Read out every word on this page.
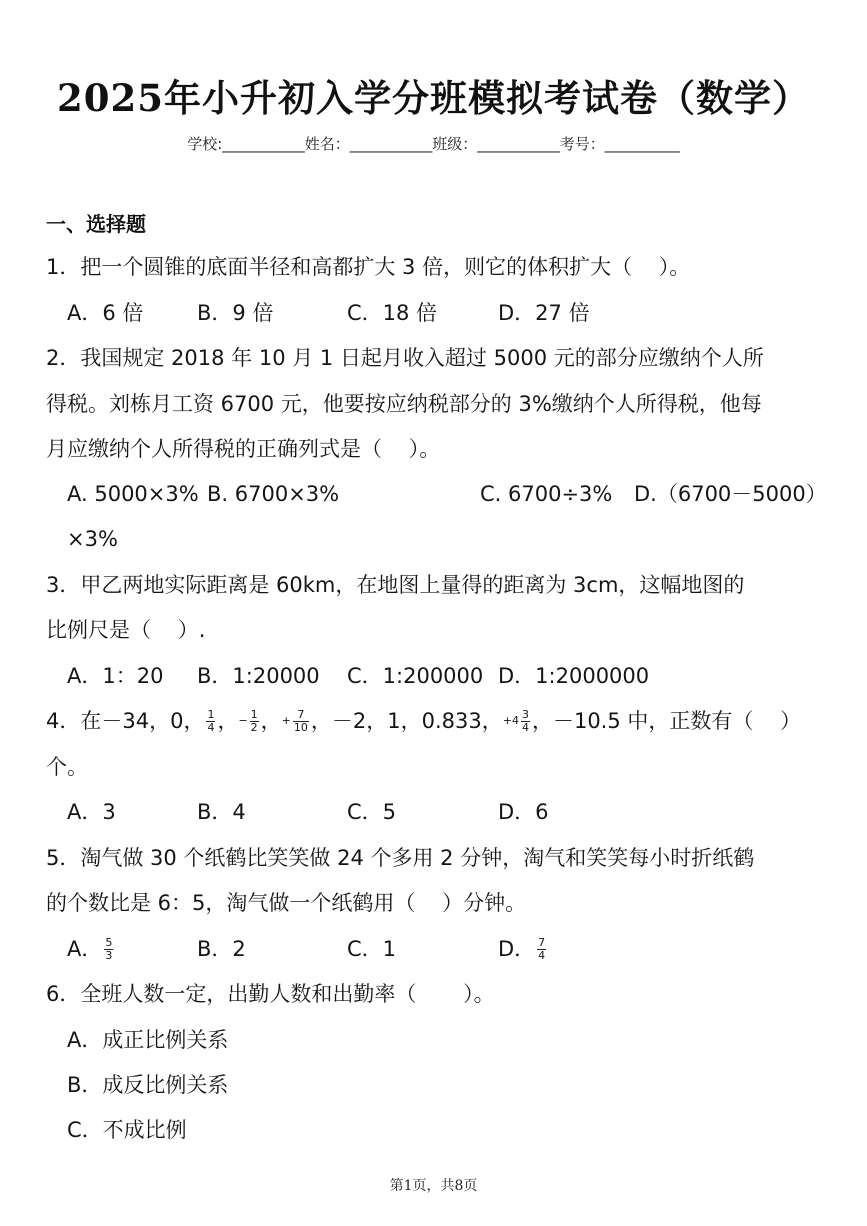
2025年小升初入学分班模拟考试卷（数学）
学校:___________姓名：___________班级：___________考号：__________
一、选择题
1．把一个圆锥的底面半径和高都扩大 3 倍，则它的体积扩大（    ）。
A．6 倍	B．9 倍	C．18 倍	D．27 倍
2．我国规定 2018 年 10 月 1 日起月收入超过 5000 元的部分应缴纳个人所
得税。刘栋月工资 6700 元，他要按应纳税部分的 3%缴纳个人所得税，他每
月应缴纳个人所得税的正确列式是（    ）。
A. 5000×3% B. 6700×3%	C. 6700÷3% D.（6700－5000）
×3%
3．甲乙两地实际距离是 60km，在地图上量得的距离为 3cm，这幅地图的
比例尺是（    ）.
A．1：20 B．1:20000 C．1:200000 D．1:2000000
4．在－34，0， $\frac{1}{4}$ ，− $\frac{1}{2}$ ，+ $\frac{7}{10}$ ，－2，1，0.833，$+4 \frac{3}{4}$ ，－10.5 中，正数有（    ）
个。
A．3	B．4	C．5	D．6
5．淘气做 30 个纸鹤比笑笑做 24 个多用 2 分钟，淘气和笑笑每小时折纸鹤
的个数比是 6：5，淘气做一个纸鹤用（    ）分钟。
A． $\frac{5}{3}$	B．2	C．1	D． $\frac{7}{4}$
6．全班人数一定，出勤人数和出勤率（       ）。
A．成正比例关系
B．成反比例关系
C．不成比例
第1页，共8页
